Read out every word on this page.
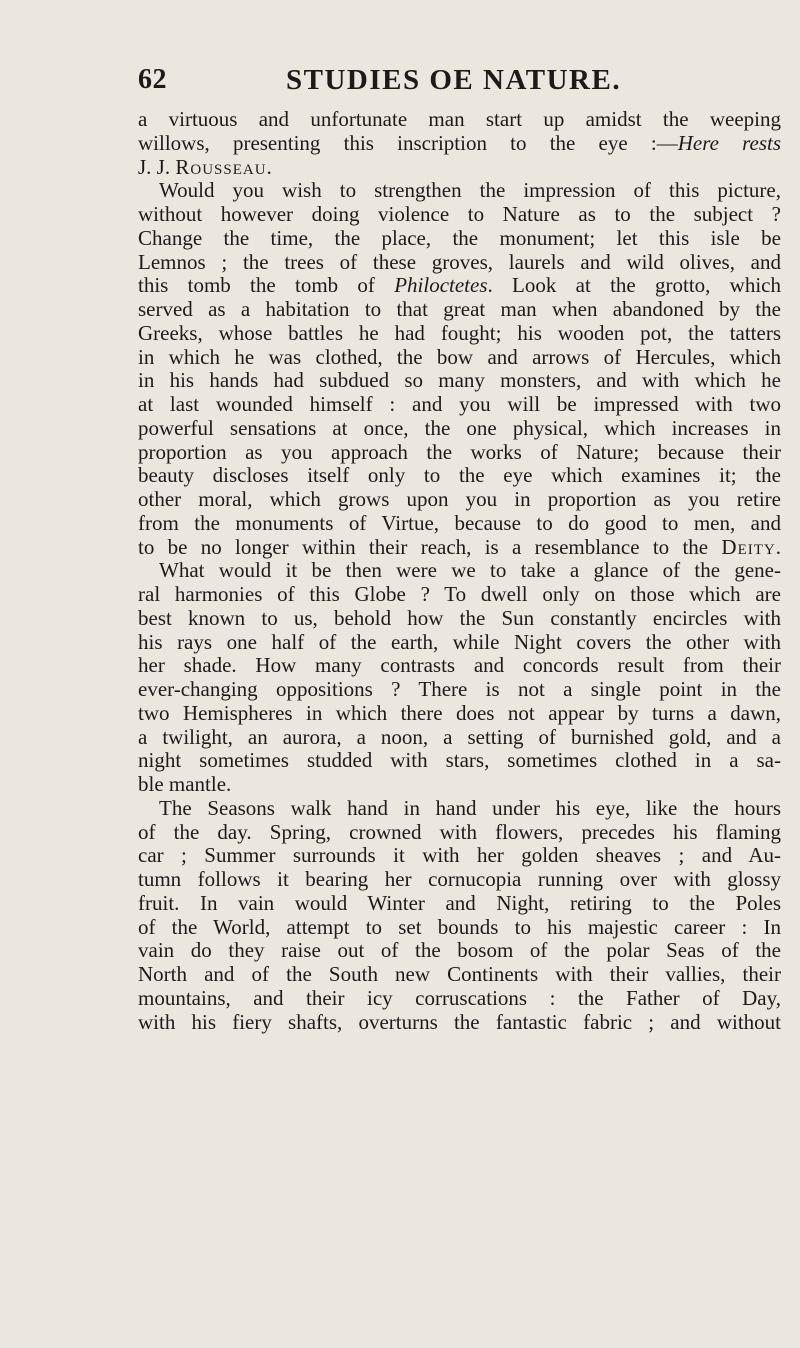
62	STUDIES OE NATURE.
a virtuous and unfortunate man start up amidst the weeping
willows, presenting this inscription to the eye :—Here rests
J. J. Rousseau.
Would you wish to strengthen the impression of this picture,
without however doing violence to Nature as to the subject ?
Change the time, the place, the monument; let this isle be
Lemnos ; the trees of these groves, laurels and wild olives, and
this tomb the tomb of Philoctetes. Look at the grotto, which
served as a habitation to that great man when abandoned by the
Greeks, whose battles he had fought; his wooden pot, the tatters
in which he was clothed, the bow and arrows of Hercules, which
in his hands had subdued so many monsters, and with which he
at last wounded himself : and you will be impressed with two
powerful sensations at once, the one physical, which increases in
proportion as you approach the works of Nature; because their
beauty discloses itself only to the eye which examines it; the
other moral, which grows upon you in proportion as you retire
from the monuments of Virtue, because to do good to men, and
to be no longer within their reach, is a resemblance to the Deity.
What would it be then were we to take a glance of the gene-
ral harmonies of this Globe ? To dwell only on those which are
best known to us, behold how the Sun constantly encircles with
his rays one half of the earth, while Night covers the other with
her shade. How many contrasts and concords result from their
ever-changing oppositions ? There is not a single point in the
two Hemispheres in which there does not appear by turns a dawn,
a twilight, an aurora, a noon, a setting of burnished gold, and a
night sometimes studded with stars, sometimes clothed in a sa-
ble mantle.
The Seasons walk hand in hand under his eye, like the hours
of the day. Spring, crowned with flowers, precedes his flaming
car ; Summer surrounds it with her golden sheaves ; and Au-
tumn follows it bearing her cornucopia running over with glossy
fruit. In vain would Winter and Night, retiring to the Poles
of the World, attempt to set bounds to his majestic career : In
vain do they raise out of the bosom of the polar Seas of the
North and of the South new Continents with their vallies, their
mountains, and their icy corruscations : the Father of Day,
with his fiery shafts, overturns the fantastic fabric ; and without
